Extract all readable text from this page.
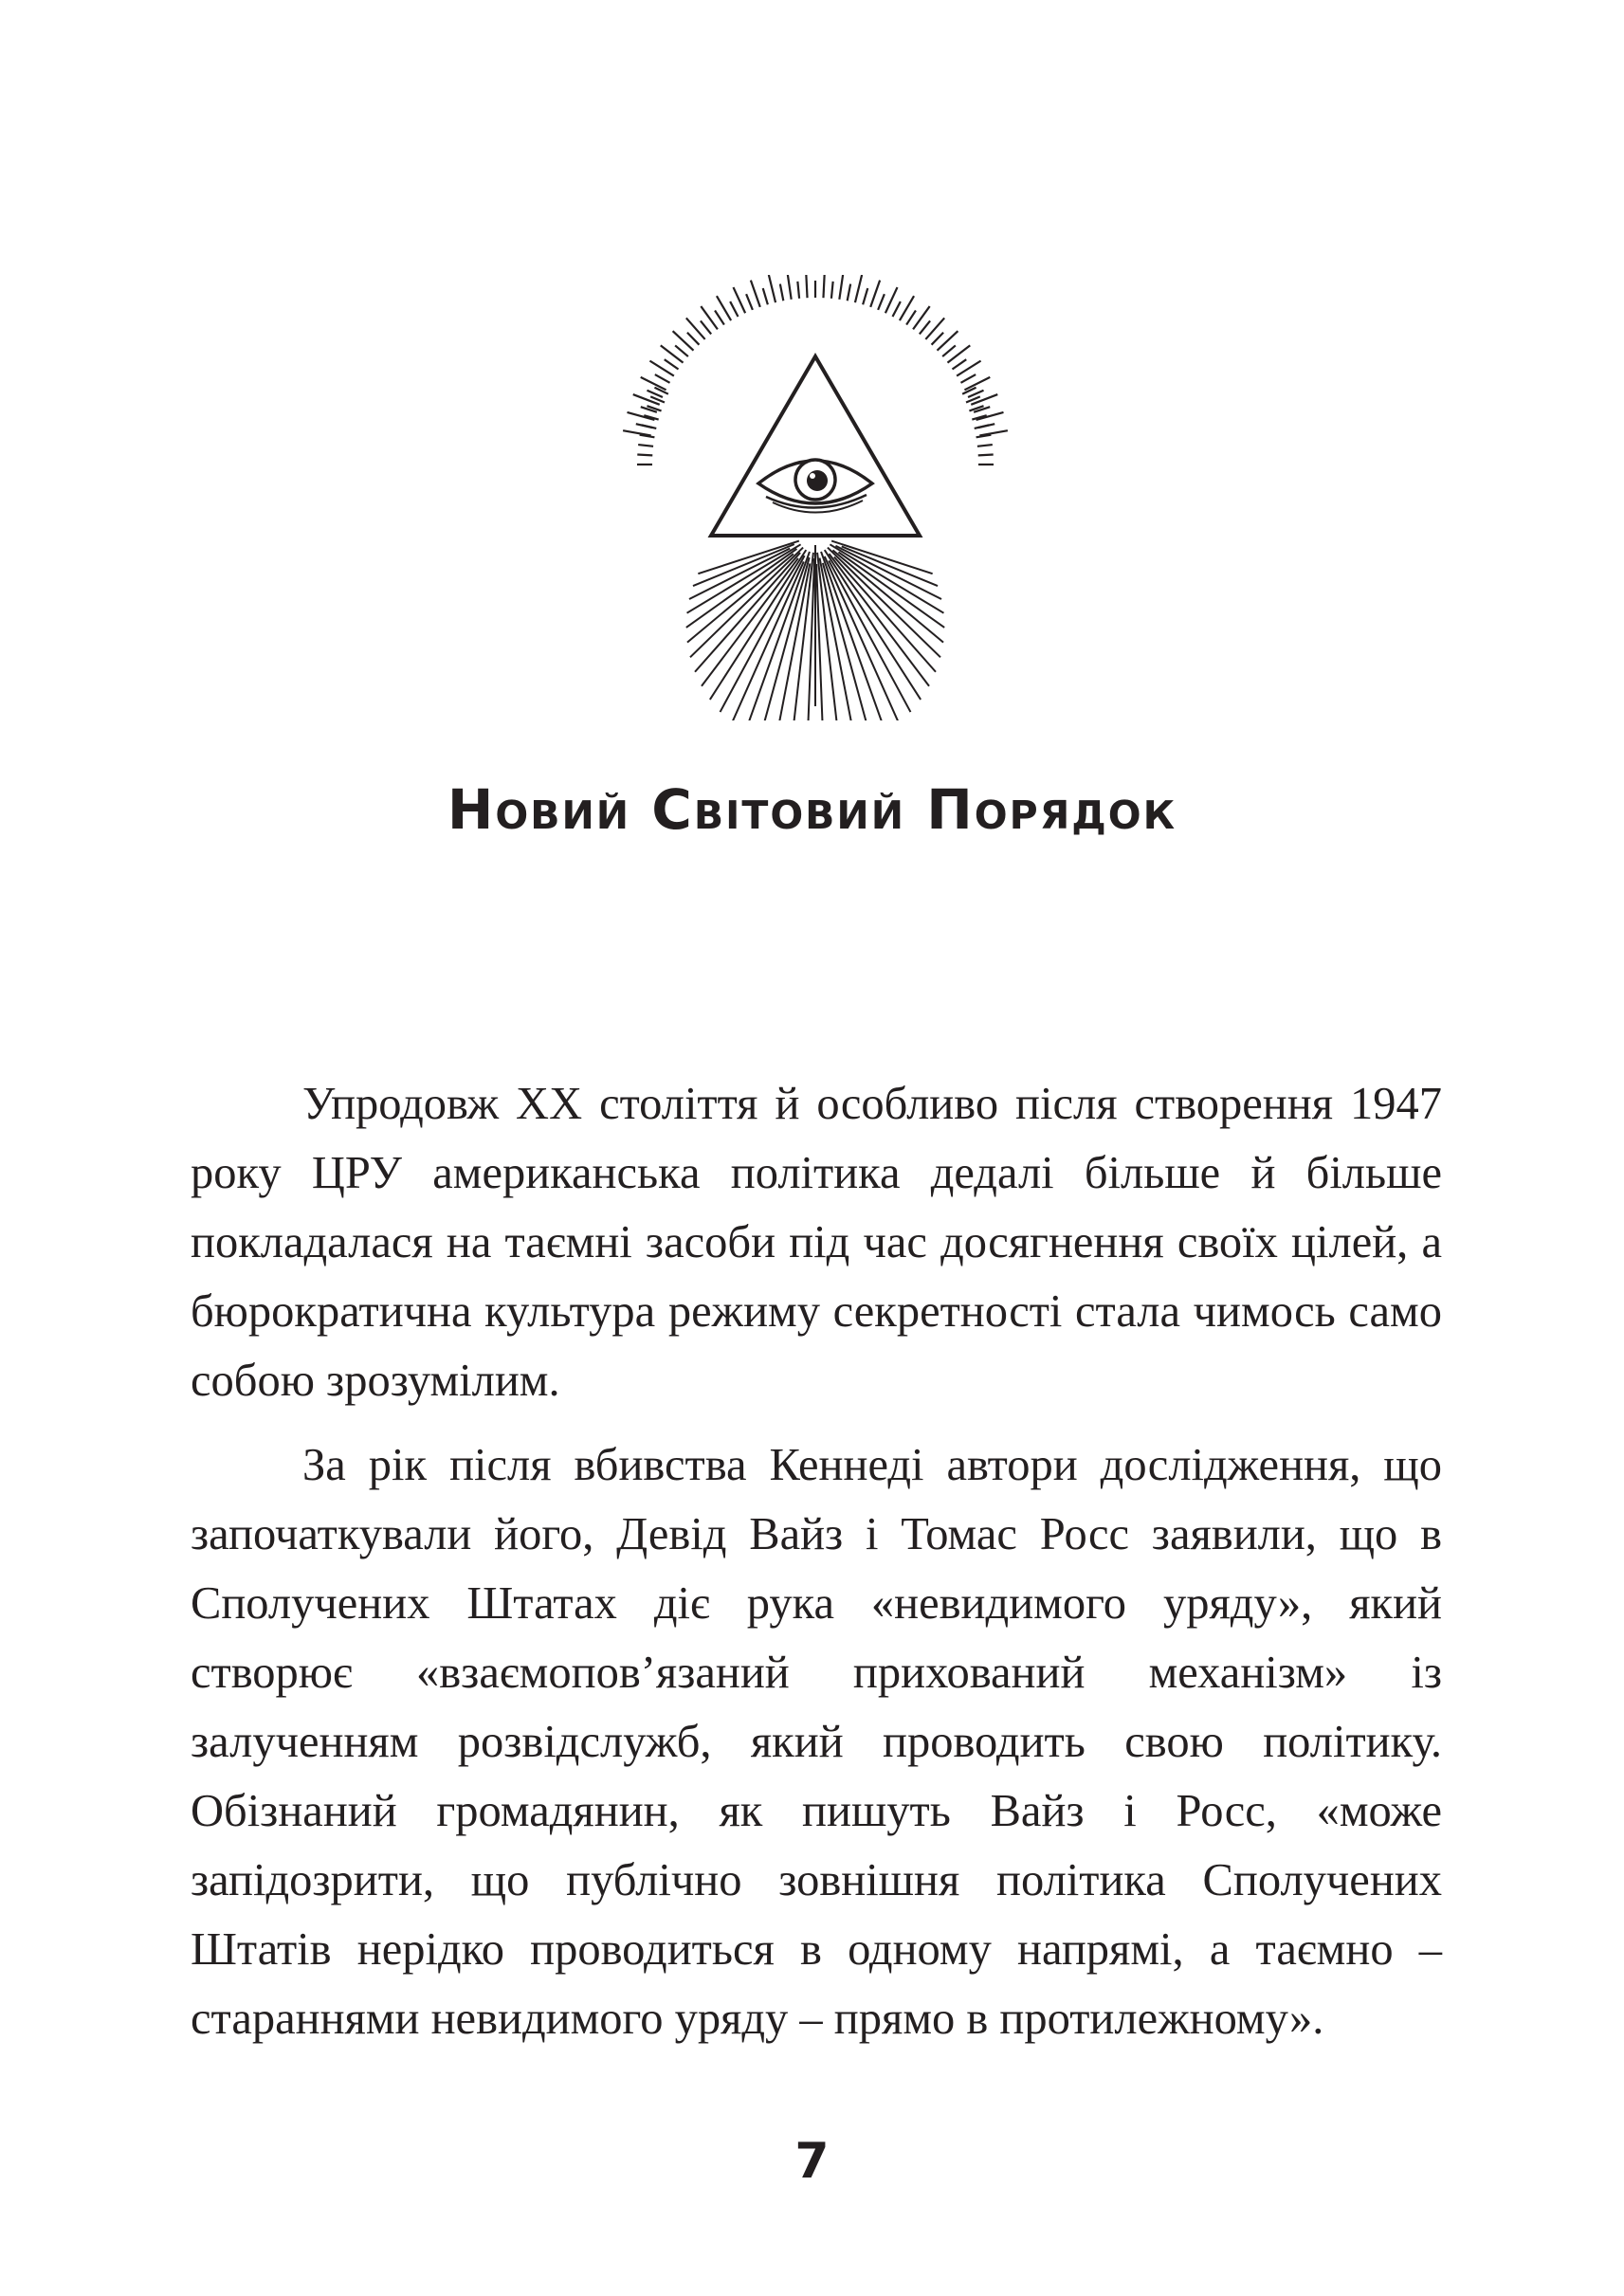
Новий Світовий Порядок

Упродовж XX століття й особливо після створення 1947 року ЦРУ американська політика дедалі більше й більше покладалася на таємні засоби під час досягнення своїх цілей, а бюрократична культура режиму секретності стала чимось само собою зрозумілим.

За рік після вбивства Кеннеді автори дослідження, що започаткували його, Девід Вайз і Томас Росс заявили, що в Сполучених Штатах діє рука «невидимого уряду», який створює «взаємопов’язаний прихований механізм» із залученням розвідслужб, який проводить свою політику. Обізнаний громадянин, як пишуть Вайз і Росс, «може запідозрити, що публічно зовнішня політика Сполучених Штатів нерідко проводиться в одному напрямі, а таємно – стараннями невидимого уряду – прямо в протилежному».

7
